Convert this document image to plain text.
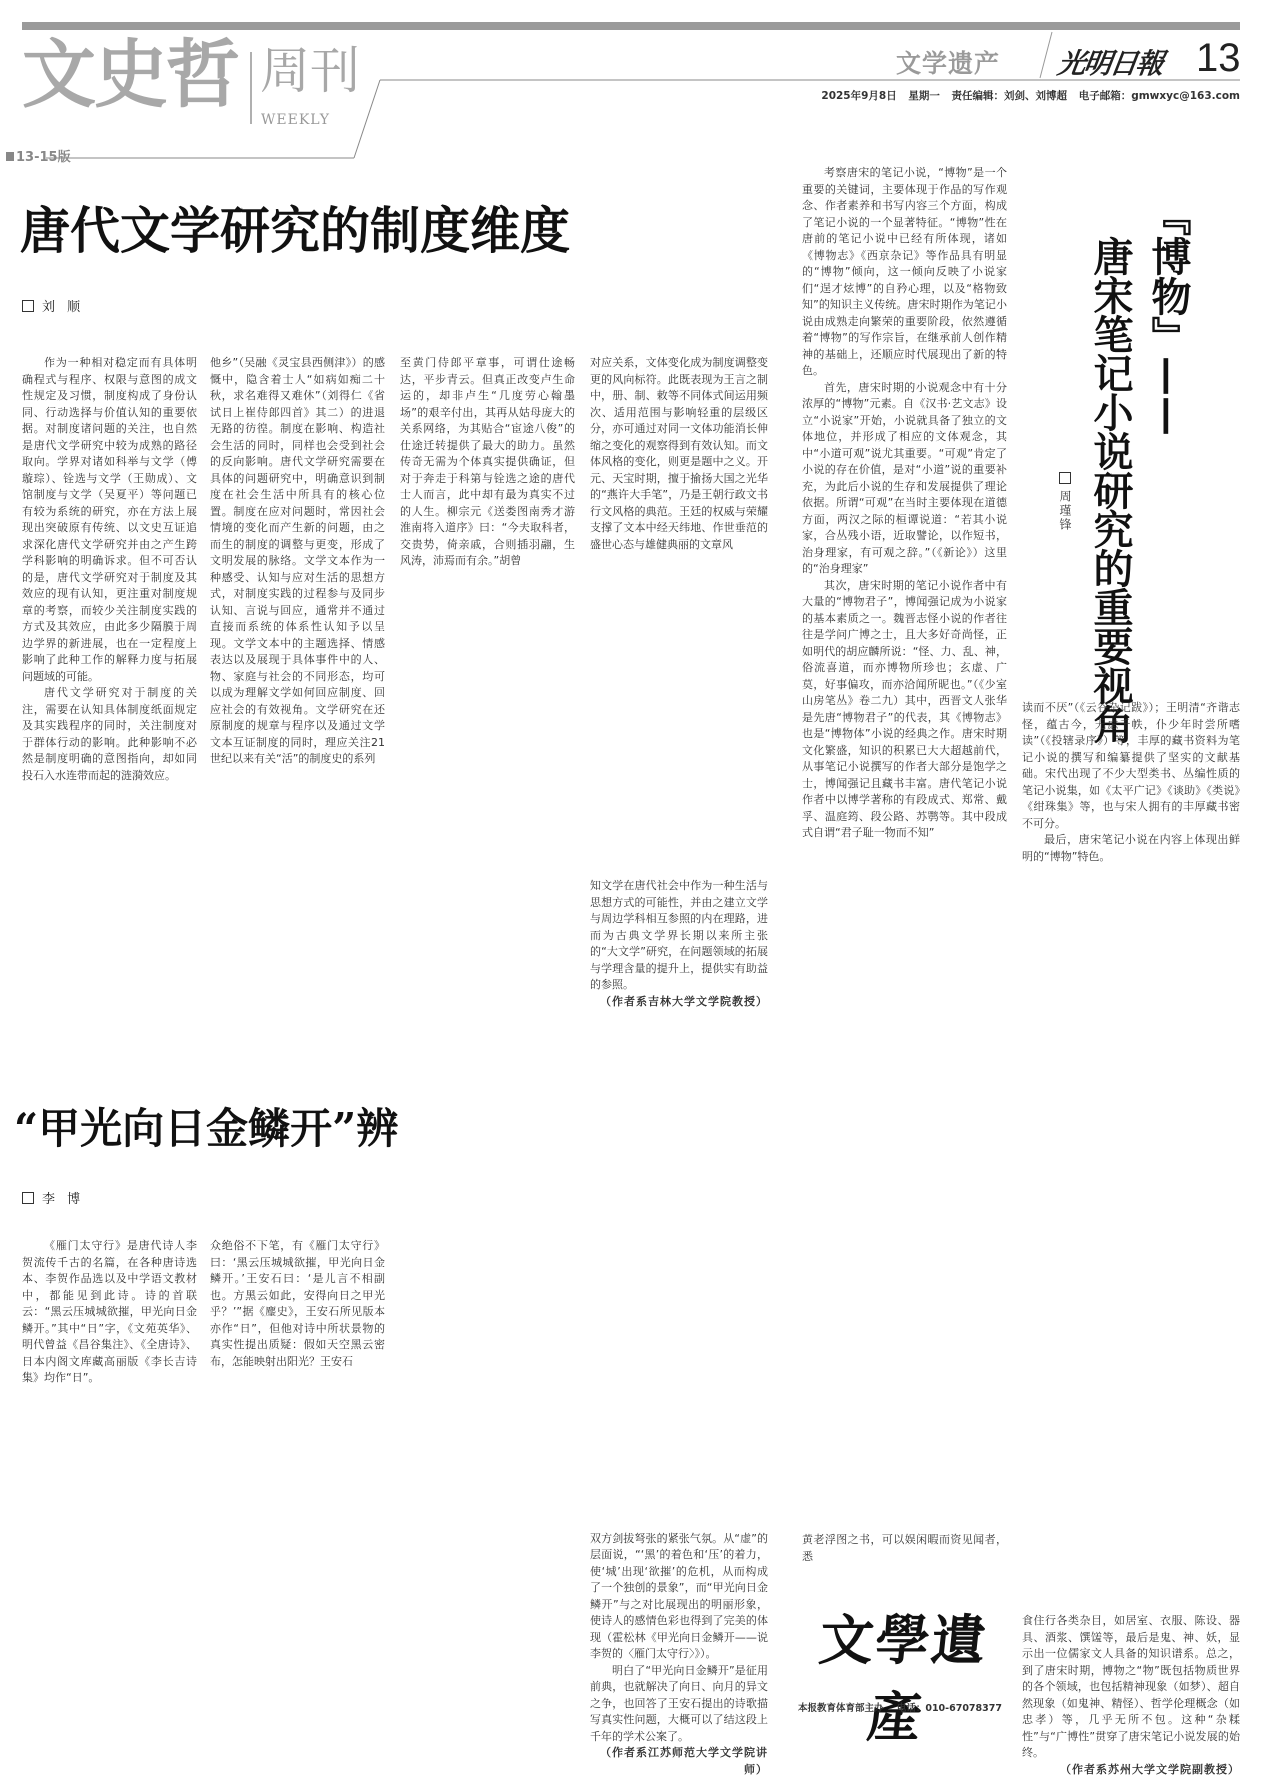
文史哲 周刊
WEEKLY
13-15版
文学遗产 光明日報 13
2025年9月8日 星期一 责任编辑：刘剑、刘博超 电子邮箱：gmwxyc@163.com
唐代文学研究的制度维度
刘 顺

作为一种相对稳定而有具体明确程式与程序、权限与意图的成文性规定及习惯，制度构成了身份认同、行动选择与价值认知的重要依据。对制度诸问题的关注，也自然是唐代文学研究中较为成熟的路径取向。学界对诸如科举与文学（傅璇琮）、铨选与文学（王勋成）、文馆制度与文学（吴夏平）等问题已有较为系统的研究，亦在方法上展现出突破原有传统、以文史互证追求深化唐代文学研究并由之产生跨学科影响的明确诉求。但不可否认的是，唐代文学研究对于制度及其效应的现有认知，更注重对制度规章的考察，而较少关注制度实践的方式及其效应，由此多少隔膜于周边学界的新进展，也在一定程度上影响了此种工作的解释力度与拓展问题域的可能。

唐代文学研究对于制度的关注，需要在认知具体制度纸面规定及其实践程序的同时，关注制度对于群体行动的影响。此种影响不必然是制度明确的意图指向，却如同投石入水连带而起的涟漪效应。

他乡”（吴融《灵宝县西侧津》）的感慨中，隐含着士人“如病如痴二十秋，求名难得又难休”（刘得仁《省试日上崔侍郎四首》其二）的进退无路的彷徨。制度在影响、构造社会生活的同时，同样也会受到社会的反向影响。唐代文学研究需要在具体的问题研究中，明确意识到制度在社会生活中所具有的核心位置。制度在应对问题时，常因社会情境的变化而产生新的问题，由之而生的制度的调整与更变，形成了文明发展的脉络。文学文本作为一种感受、认知与应对生活的思想方式，对制度实践的过程参与及同步认知、言说与回应，通常并不通过直接而系统的体系性认知予以呈现。文学文本中的主题选择、情感表达以及展现于具体事件中的人、物、家庭与社会的不同形态，均可以成为理解文学如何回应制度、回应社会的有效视角。文学研究在还原制度的规章与程序以及通过文学文本互证制度的同时，理应关注21世纪以来有关“活”的制度史的系列

至黄门侍郎平章事，可谓仕途畅达，平步青云。但真正改变卢生命运的，却非卢生“几度劳心翰墨场”的艰辛付出，其再从姑母庞大的关系网络，为其贴合“宦途八俊”的仕途迁转提供了最大的助力。虽然传奇无需为个体真实提供确证，但对于奔走于科第与铨选之途的唐代士人而言，此中却有最为真实不过的人生。柳宗元《送娄图南秀才游淮南将入道序》曰：“今夫取科者，交贵势，倚亲戚，合则插羽翮，生风涛，沛焉而有余。”胡曾

对应关系，文体变化成为制度调整变更的风向标符。此既表现为王言之制中，册、制、敕等不同体式间运用频次、适用范围与影响轻重的层级区分，亦可通过对同一文体功能消长伸缩之变化的观察得到有效认知。而文体风格的变化，则更是题中之义。开元、天宝时期，擅于揄扬大国之光华的“燕许大手笔”，乃是王朝行政文书行文风格的典范。王廷的权威与荣耀支撑了文本中经天纬地、作世垂范的盛世心态与雄健典丽的文章风

知文学在唐代社会中作为一种生活与思想方式的可能性，并由之建立文学与周边学科相互参照的内在理路，进而为古典文学界长期以来所主张的“大文学”研究，在问题领域的拓展与学理含量的提升上，提供实有助益的参照。

（作者系吉林大学文学院教授）

“甲光向日金鳞开”辨
李 博

《雁门太守行》是唐代诗人李贺流传千古的名篇，在各种唐诗选本、李贺作品选以及中学语文教材中，都能见到此诗。诗的首联云：“黑云压城城欲摧，甲光向日金鳞开。”其中“日”字，《文苑英华》、明代曾益《昌谷集注》、《全唐诗》、日本内阁文库藏高丽版《李长吉诗集》均作“日”。

众绝俗不下笔，有《雁门太守行》曰：‘黑云压城城欲摧，甲光向日金鳞开。’王安石曰：‘是儿言不相副也。方黑云如此，安得向日之甲光乎？’”据《麈史》，王安石所见版本亦作“日”，但他对诗中所状景物的真实性提出质疑：假如天空黑云密布，怎能映射出阳光？王安石

双方剑拔弩张的紧张气氛。从“虚”的层面说，“‘黑’的着色和‘压’的着力，使‘城’出现‘欲摧’的危机，从而构成了一个独创的景象”，而“甲光向日金鳞开”与之对比展现出的明丽形象，使诗人的感情色彩也得到了完美的体现（霍松林《甲光向日金鳞开——说李贺的〈雁门太守行〉》）。

明白了“甲光向日金鳞开”是征用前典，也就解决了向日、向月的异文之争，也回答了王安石提出的诗歌描写真实性问题，大概可以了结这段上千年的学术公案了。

（作者系江苏师范大学文学院讲师）

『博物』——
唐宋笔记小说研究的重要视角
周瑾锋

考察唐宋的笔记小说，“博物”是一个重要的关键词，主要体现于作品的写作观念、作者素养和书写内容三个方面，构成了笔记小说的一个显著特征。“博物”性在唐前的笔记小说中已经有所体现，诸如《博物志》《西京杂记》等作品具有明显的“博物”倾向，这一倾向反映了小说家们“逞才炫博”的自矜心理，以及“格物致知”的知识主义传统。唐宋时期作为笔记小说由成熟走向繁荣的重要阶段，依然遵循着“博物”的写作宗旨，在继承前人创作精神的基础上，还顺应时代展现出了新的特色。

首先，唐宋时期的小说观念中有十分浓厚的“博物”元素。自《汉书·艺文志》设立“小说家”开始，小说就具备了独立的文体地位，并形成了相应的文体观念，其中“小道可观”说尤其重要。“可观”肯定了小说的存在价值，是对“小道”说的重要补充，为此后小说的生存和发展提供了理论依据。所谓“可观”在当时主要体现在道德方面，两汉之际的桓谭说道：“若其小说家，合丛残小语，近取譬论，以作短书，治身理家，有可观之辞。”（《新论》）这里的“治身理家”

其次，唐宋时期的笔记小说作者中有大量的“博物君子”，博闻强记成为小说家的基本素质之一。魏晋志怪小说的作者往往是学问广博之士，且大多好奇尚怪，正如明代的胡应麟所说：“怪、力、乱、神，俗流喜道，而亦博物所珍也；玄虚、广莫，好事偏攻，而亦洽闻所昵也。”（《少室山房笔丛》卷二九）其中，西晋文人张华是先唐“博物君子”的代表，其《博物志》也是“博物体”小说的经典之作。唐宋时期文化繁盛，知识的积累已大大超越前代，从事笔记小说撰写的作者大部分是饱学之士，博闻强记且藏书丰富。唐代笔记小说作者中以博学著称的有段成式、郑常、戴孚、温庭筠、段公路、苏鹗等。其中段成式自谓“君子耻一物而不知”

黄老浮图之书，可以娱闲暇而资见闻者，悉

读而不厌”（《云谷杂记跋》）；王明清“齐谐志怪，蕴古今，无虑千帙，仆少年时尝所嗜读”（《投辖录序》）等，丰厚的藏书资料为笔记小说的撰写和编纂提供了坚实的文献基础。宋代出现了不少大型类书、丛编性质的笔记小说集，如《太平广记》《谈助》《类说》《绀珠集》等，也与宋人拥有的丰厚藏书密不可分。

最后，唐宋笔记小说在内容上体现出鲜明的“博物”特色。

食住行各类杂目，如居室、衣服、陈设、器具、酒浆、馔馐等，最后是鬼、神、妖，显示出一位儒家文人具备的知识谱系。总之，到了唐宋时期，博物之“物”既包括物质世界的各个领域，也包括精神现象（如梦）、超自然现象（如鬼神、精怪）、哲学伦理概念（如忠孝）等，几乎无所不包。这种“杂糅性”与“广博性”贯穿了唐宋笔记小说发展的始终。

（作者系苏州大学文学院副教授）

文學遺產
本报教育体育部主办 电话：010-67078377
